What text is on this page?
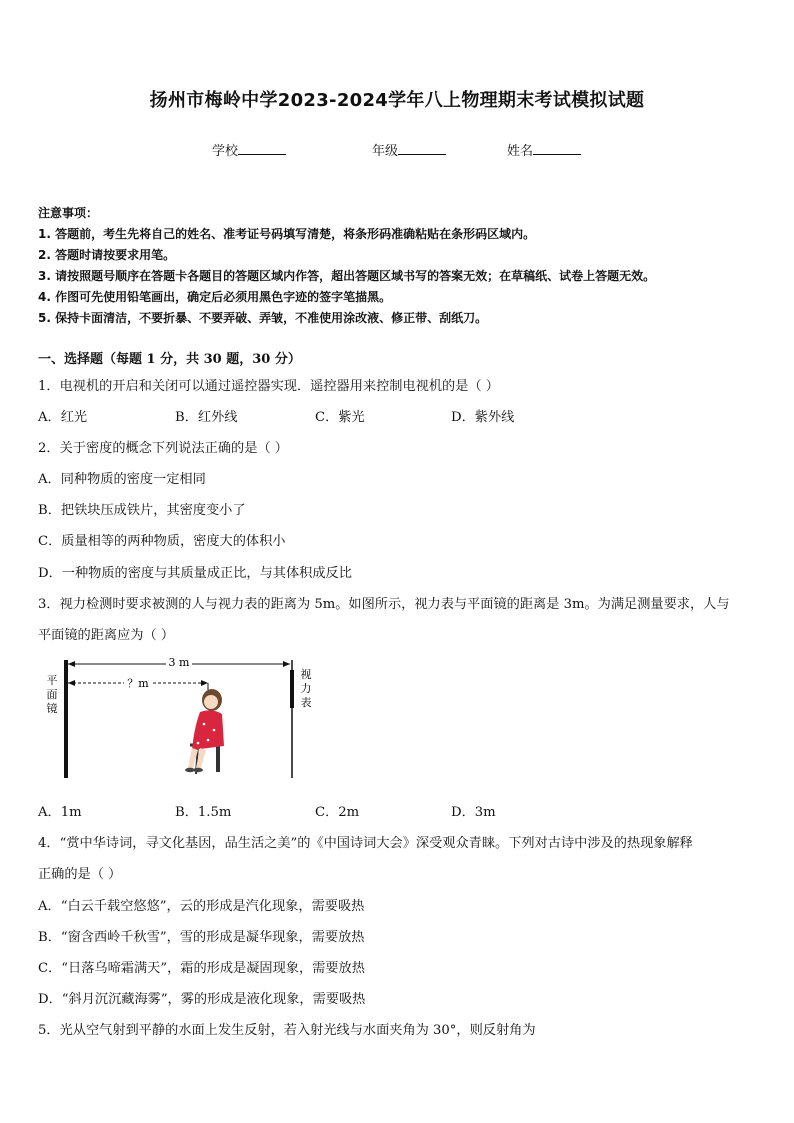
扬州市梅岭中学2023-2024学年八上物理期末考试模拟试题
学校	年级	姓名
注意事项：
1. 答题前，考生先将自己的姓名、准考证号码填写清楚，将条形码准确粘贴在条形码区域内。
2. 答题时请按要求用笔。
3. 请按照题号顺序在答题卡各题目的答题区域内作答，超出答题区域书写的答案无效；在草稿纸、试卷上答题无效。
4. 作图可先使用铅笔画出，确定后必须用黑色字迹的签字笔描黑。
5. 保持卡面清洁，不要折暴、不要弄破、弄皱，不准使用涂改液、修正带、刮纸刀。
一、选择题（每题 1 分，共 30 题，30 分）
1．电视机的开启和关闭可以通过遥控器实现．遥控器用来控制电视机的是（ ）
A．红光	B．红外线	C．紫光	D．紫外线
2．关于密度的概念下列说法正确的是（ ）
A．同种物质的密度一定相同
B．把铁块压成铁片，其密度变小了
C．质量相等的两种物质，密度大的体积小
D．一种物质的密度与其质量成正比，与其体积成反比
3．视力检测时要求被测的人与视力表的距离为 5m。如图所示，视力表与平面镜的距离是 3m。为满足测量要求，人与
平面镜的距离应为（ ）
3 m
？m
平面镜
视力表
A．1m	B．1.5m	C．2m	D．3m
4．“赏中华诗词，寻文化基因，品生活之美”的《中国诗词大会》深受观众青睐。下列对古诗中涉及的热现象解释
正确的是（ ）
A．“白云千载空悠悠”，云的形成是汽化现象，需要吸热
B．“窗含西岭千秋雪”，雪的形成是凝华现象，需要放热
C．“日落乌啼霜满天”，霜的形成是凝固现象，需要放热
D．“斜月沉沉藏海雾”，雾的形成是液化现象，需要吸热
5．光从空气射到平静的水面上发生反射，若入射光线与水面夹角为 30°，则反射角为
